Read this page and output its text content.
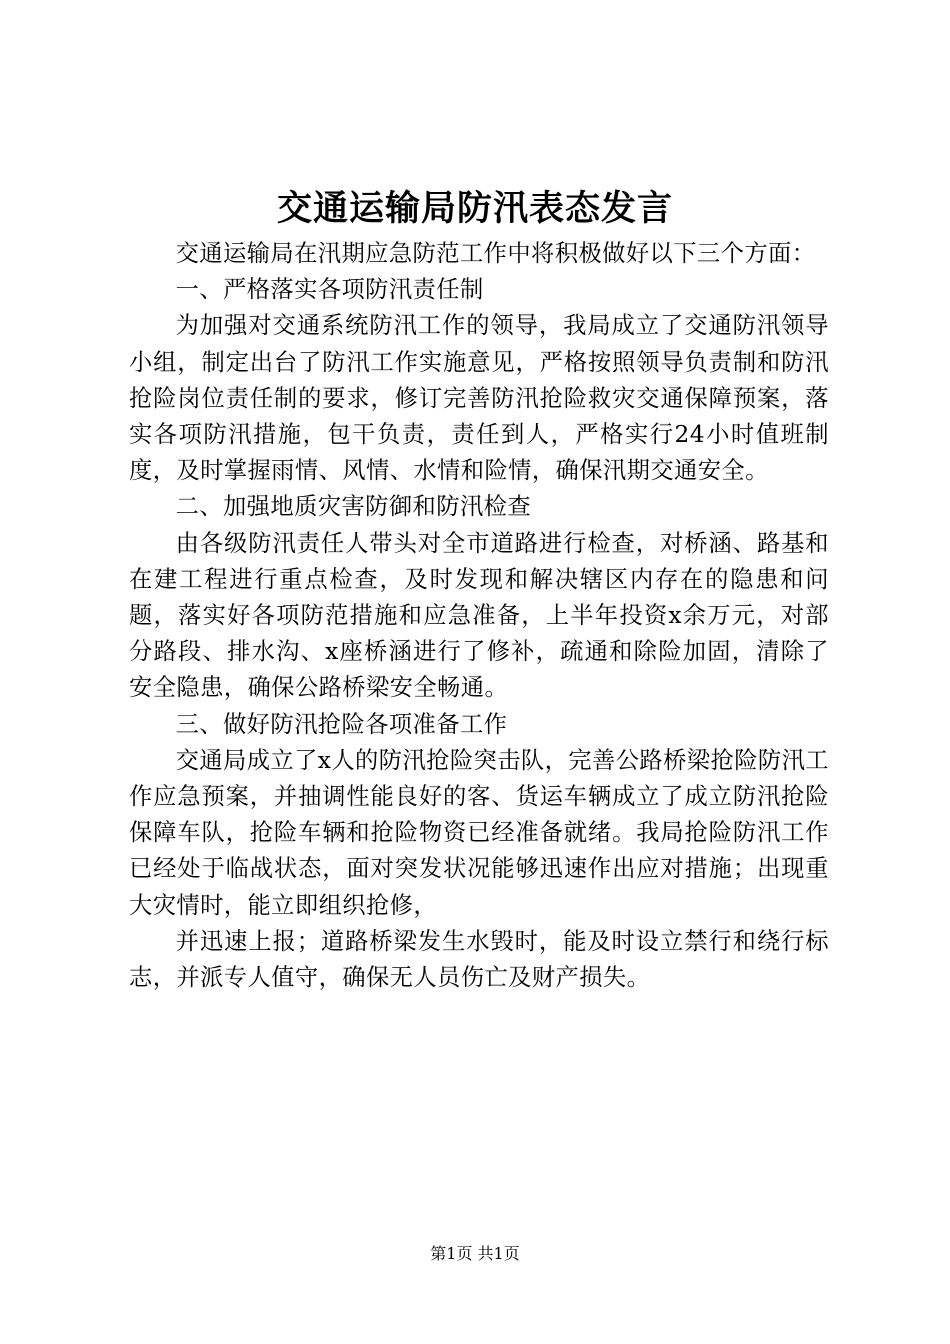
交通运输局防汛表态发言

交通运输局在汛期应急防范工作中将积极做好以下三个方面：

一、严格落实各项防汛责任制

为加强对交通系统防汛工作的领导，我局成立了交通防汛领导小组，制定出台了防汛工作实施意见，严格按照领导负责制和防汛抢险岗位责任制的要求，修订完善防汛抢险救灾交通保障预案，落实各项防汛措施，包干负责，责任到人，严格实行24小时值班制度，及时掌握雨情、风情、水情和险情，确保汛期交通安全。

二、加强地质灾害防御和防汛检查

由各级防汛责任人带头对全市道路进行检查，对桥涵、路基和在建工程进行重点检查，及时发现和解决辖区内存在的隐患和问题，落实好各项防范措施和应急准备，上半年投资x余万元，对部分路段、排水沟、x座桥涵进行了修补，疏通和除险加固，清除了安全隐患，确保公路桥梁安全畅通。

三、做好防汛抢险各项准备工作

交通局成立了x人的防汛抢险突击队，完善公路桥梁抢险防汛工作应急预案，并抽调性能良好的客、货运车辆成立了成立防汛抢险保障车队，抢险车辆和抢险物资已经准备就绪。我局抢险防汛工作已经处于临战状态，面对突发状况能够迅速作出应对措施；出现重大灾情时，能立即组织抢修，

并迅速上报；道路桥梁发生水毁时，能及时设立禁行和绕行标志，并派专人值守，确保无人员伤亡及财产损失。

第1页 共1页
